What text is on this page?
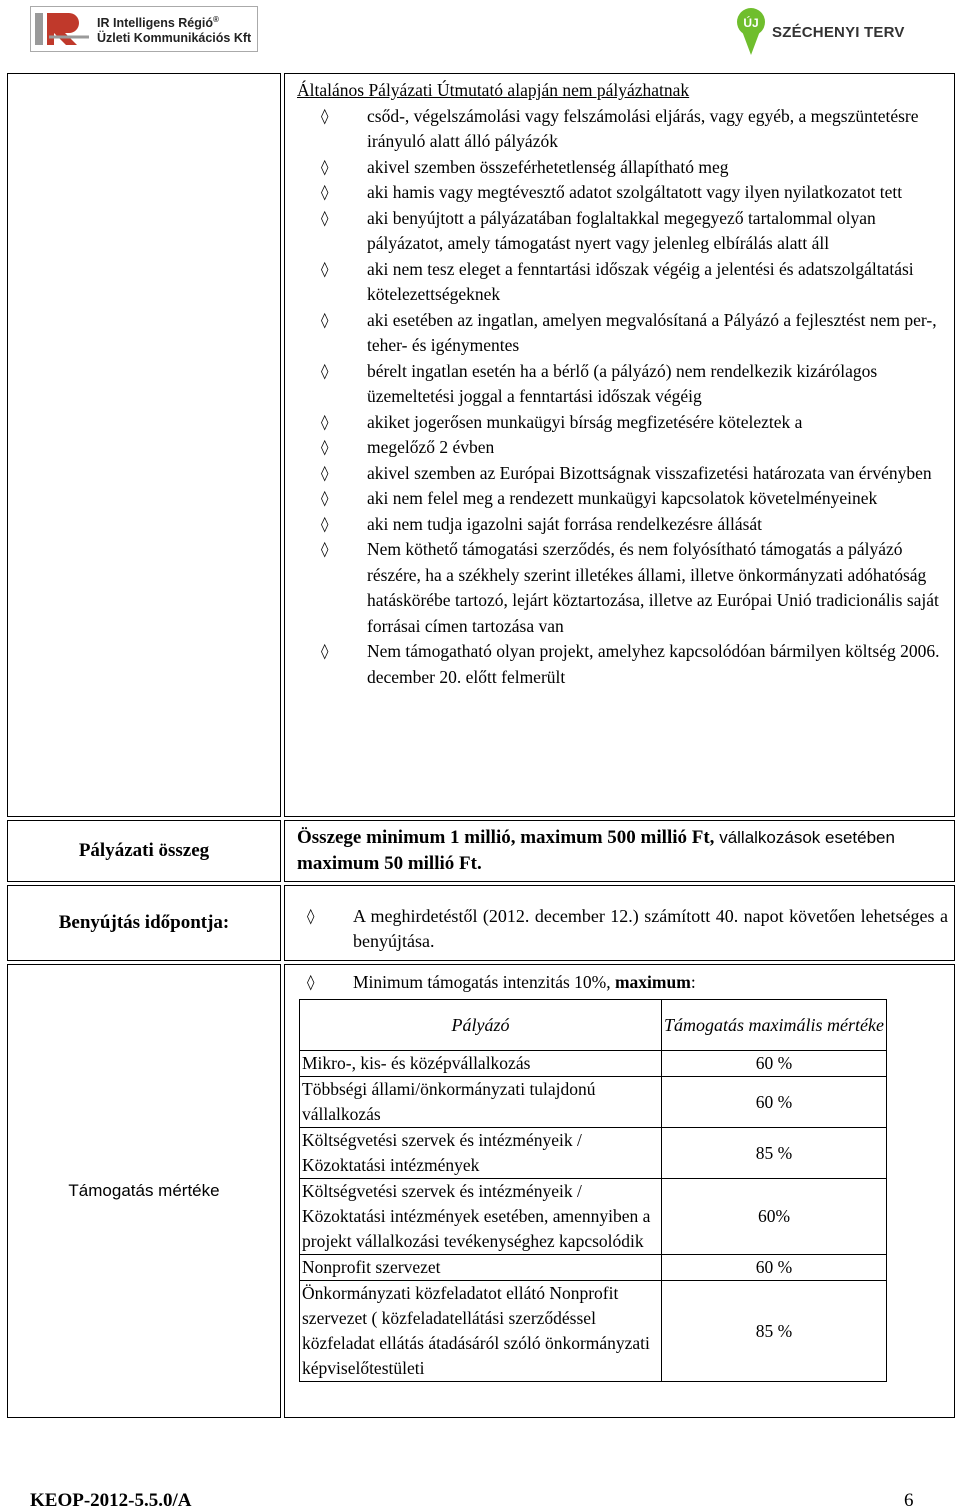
IR Intelligens Régió®
Üzleti Kommunikációs Kft
ÚJ
SZÉCHENYI TERV

Általános Pályázati Útmutató alapján nem pályázhatnak
◊ csőd-, végelszámolási vagy felszámolási eljárás, vagy egyéb, a megszüntetésre irányuló alatt álló pályázók
◊ akivel szemben összeférhetetlenség állapítható meg
◊ aki hamis vagy megtévesztő adatot szolgáltatott vagy ilyen nyilatkozatot tett
◊ aki benyújtott a pályázatában foglaltakkal megegyező tartalommal olyan pályázatot, amely támogatást nyert vagy jelenleg elbírálás alatt áll
◊ aki nem tesz eleget a fenntartási időszak végéig a jelentési és adatszolgáltatási kötelezettségeknek
◊ aki esetében az ingatlan, amelyen megvalósítaná a Pályázó a fejlesztést nem per-, teher- és igénymentes
◊ bérelt ingatlan esetén ha a bérlő (a pályázó) nem rendelkezik kizárólagos üzemeltetési joggal a fenntartási időszak végéig
◊ akiket jogerősen munkaügyi bírság megfizetésére köteleztek a
◊ megelőző 2 évben
◊ akivel szemben az Európai Bizottságnak visszafizetési határozata van érvényben
◊ aki nem felel meg a rendezett munkaügyi kapcsolatok követelményeinek
◊ aki nem tudja igazolni saját forrása rendelkezésre állását
◊ Nem köthető támogatási szerződés, és nem folyósítható támogatás a pályázó részére, ha a székhely szerint illetékes állami, illetve önkormányzati adóhatóság hatáskörébe tartozó, lejárt köztartozása, illetve az Európai Unió tradicionális saját forrásai címen tartozása van
◊ Nem támogatható olyan projekt, amelyhez kapcsolódóan bármilyen költség 2006. december 20. előtt felmerült

Pályázati összeg	Összege minimum 1 millió, maximum 500 millió Ft, vállalkozások esetében maximum 50 millió Ft.
Benyújtás időpontja:	◊ A meghirdetéstől (2012. december 12.) számított 40. napot követően lehetséges a benyújtása.

Támogatás mértéke	
◊ Minimum támogatás intenzitás 10%, maximum:
Pályázó	Támogatás maximális mértéke
Mikro-, kis- és középvállalkozás	60 %
Többségi állami/önkormányzati tulajdonú vállalkozás	60 %
Költségvetési szervek és intézményeik / Közoktatási intézmények	85 %
Költségvetési szervek és intézményeik / Közoktatási intézmények esetében, amennyiben a projekt vállalkozási tevékenységhez kapcsolódik	60%
Nonprofit szervezet	60 %
Önkormányzati közfeladatot ellátó Nonprofit szervezet ( közfeladatellátási szerződéssel közfeladat ellátás átadásáról szóló önkormányzati képviselőtestületi	85 %
KEOP-2012-5.5.0/A	6
